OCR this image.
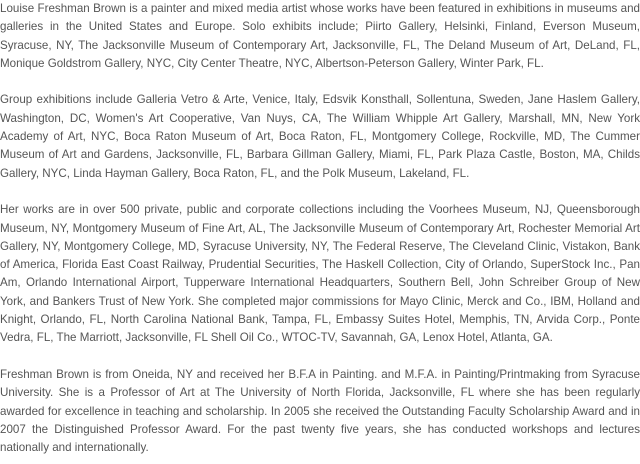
Louise Freshman Brown is a painter and mixed media artist whose works have been featured in exhibitions in museums and galleries in the United States and Europe. Solo exhibits include; Piirto Gallery, Helsinki, Finland, Everson Museum, Syracuse, NY, The Jacksonville Museum of Contemporary Art, Jacksonville, FL, The Deland Museum of Art, DeLand, FL, Monique Goldstrom Gallery, NYC, City Center Theatre, NYC, Albertson-Peterson Gallery, Winter Park, FL.

Group exhibitions include Galleria Vetro & Arte, Venice, Italy, Edsvik Konsthall, Sollentuna, Sweden, Jane Haslem Gallery, Washington, DC, Women's Art Cooperative, Van Nuys, CA, The William Whipple Art Gallery, Marshall, MN, New York Academy of Art, NYC, Boca Raton Museum of Art, Boca Raton, FL, Montgomery College, Rockville, MD, The Cummer Museum of Art and Gardens, Jacksonville, FL, Barbara Gillman Gallery, Miami, FL, Park Plaza Castle, Boston, MA, Childs Gallery, NYC, Linda Hayman Gallery, Boca Raton, FL, and the Polk Museum, Lakeland, FL.

Her works are in over 500 private, public and corporate collections including the Voorhees Museum, NJ, Queensborough Museum, NY, Montgomery Museum of Fine Art, AL, The Jacksonville Museum of Contemporary Art, Rochester Memorial Art Gallery, NY, Montgomery College, MD, Syracuse University, NY, The Federal Reserve, The Cleveland Clinic, Vistakon, Bank of America, Florida East Coast Railway, Prudential Securities, The Haskell Collection, City of Orlando, SuperStock Inc., Pan Am, Orlando International Airport, Tupperware International Headquarters, Southern Bell, John Schreiber Group of New York, and Bankers Trust of New York. She completed major commissions for Mayo Clinic, Merck and Co., IBM, Holland and Knight, Orlando, FL, North Carolina National Bank, Tampa, FL, Embassy Suites Hotel, Memphis, TN, Arvida Corp., Ponte Vedra, FL, The Marriott, Jacksonville, FL Shell Oil Co., WTOC-TV, Savannah, GA, Lenox Hotel, Atlanta, GA.

Freshman Brown is from Oneida, NY and received her B.F.A in Painting. and M.F.A. in Painting/Printmaking from Syracuse University. She is a Professor of Art at The University of North Florida, Jacksonville, FL where she has been regularly awarded for excellence in teaching and scholarship. In 2005 she received the Outstanding Faculty Scholarship Award and in 2007 the Distinguished Professor Award. For the past twenty five years, she has conducted workshops and lectures nationally and internationally.
